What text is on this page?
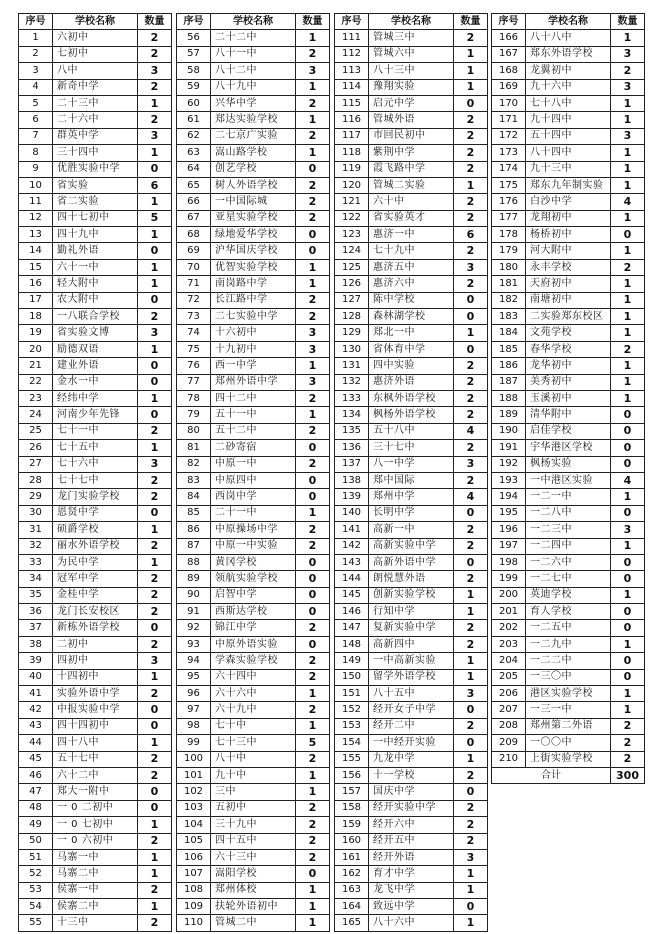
序号	学校名称	数量
1	六初中	2
2	七初中	2
3	八中	3
4	新奇中学	2
5	二十三中	1
6	二十六中	2
7	群英中学	3
8	三十四中	1
9	优胜实验中学	0
10	省实验	6
11	省二实验	1
12	四十七初中	5
13	四十九中	1
14	勤礼外语	0
15	六十一中	1
16	轻大附中	1
17	农大附中	0
18	一八联合学校	2
19	省实验文博	3
20	励德双语	1
21	建业外语	0
22	金水一中	0
23	经纬中学	1
24	河南少年先锋	0
25	七十一中	2
26	七十五中	1
27	七十六中	3
28	七十七中	2
29	龙门实验学校	2
30	恩贤中学	0
31	硕爵学校	1
32	丽水外语学校	2
33	为民中学	1
34	冠军中学	2
35	金桂中学	2
36	龙门长安校区	2
37	新栋外语学校	0
38	二初中	2
39	四初中	3
40	十四初中	1
41	实验外语中学	2
42	中报实验中学	0
43	四十四初中	0
44	四十八中	1
45	五十七中	2
46	六十二中	2
47	郑大一附中	0
48	一 0 二初中	0
49	一 0 七初中	1
50	一 0 六初中	2
51	马寨一中	1
52	马寨二中	1
53	侯寨一中	2
54	侯寨二中	1
55	十三中	2
序号	学校名称	数量
56	二十二中	1
57	八十一中	2
58	八十二中	3
59	八十九中	1
60	兴华中学	2
61	郑达实验学校	1
62	二七京广实验	2
63	嵩山路学校	1
64	创艺学校	0
65	树人外语学校	2
66	一中国际城	2
67	亚星实验学校	2
68	绿地爱华学校	0
69	沪华国庆学校	0
70	优智实验学校	1
71	南岗路中学	1
72	长江路中学	2
73	二七实验中学	2
74	十六初中	3
75	十九初中	3
76	西一中学	1
77	郑州外语中学	3
78	四十二中	2
79	五十一中	1
80	五十二中	2
81	二砂寄宿	0
82	中原一中	2
83	中原四中	0
84	西岗中学	0
85	二十一中	1
86	中原操场中学	2
87	中原一中实验	2
88	黄冈学校	0
89	领航实验学校	0
90	启智中学	0
91	西斯达学校	0
92	锦江中学	2
93	中原外语实验	0
94	学森实验学校	2
95	六十四中	2
96	六十六中	1
97	六十九中	2
98	七十中	1
99	七十三中	5
100	八十中	2
101	九十中	1
102	三中	1
103	五初中	2
104	三十九中	2
105	四十五中	2
106	六十三中	2
107	嵩阳学校	0
108	郑州体校	1
109	扶轮外语初中	1
110	管城二中	1
序号	学校名称	数量
111	管城三中	2
112	管城六中	1
113	八十三中	1
114	豫翔实验	1
115	启元中学	0
116	管城外语	2
117	市回民初中	2
118	紫荆中学	2
119	霞飞路中学	2
120	管城二实验	1
121	六十中	2
122	省实验英才	2
123	惠济一中	6
124	七十九中	2
125	惠济五中	3
126	惠济六中	2
127	陈中学校	0
128	森林湖学校	0
129	郑北一中	1
130	省体育中学	0
131	四中实验	2
132	惠济外语	2
133	东枫外语学校	2
134	枫杨外语学校	2
135	五十八中	4
136	三十七中	2
137	八一中学	3
138	郑中国际	2
139	郑州中学	4
140	长明中学	0
141	高新一中	2
142	高新实验中学	2
143	高新外语中学	0
144	朗悦慧外语	2
145	创新实验学校	1
146	行知中学	1
147	复新实验中学	2
148	高新四中	2
149	一中高新实验	1
150	留学外语学校	1
151	八十五中	3
152	经开女子中学	0
153	经开二中	2
154	一中经开实验	0
155	九龙中学	1
156	十一学校	2
157	国庆中学	0
158	经开实验中学	2
159	经开六中	2
160	经开五中	2
161	经开外语	3
162	育才中学	1
163	龙飞中学	1
164	致远中学	0
165	八十六中	1
序号	学校名称	数量
166	八十八中	1
167	郑东外语学校	3
168	龙翼初中	2
169	九十六中	3
170	七十八中	1
171	九十四中	1
172	五十四中	3
173	八十四中	1
174	九十三中	1
175	郑东九年制实验	1
176	白沙中学	4
177	龙翔初中	1
178	杨桥初中	0
179	河大附中	1
180	永丰学校	2
181	天府初中	1
182	南塘初中	1
183	二实验郑东校区	1
184	文苑学校	1
185	春华学校	2
186	龙华初中	1
187	美秀初中	1
188	玉溪初中	1
189	清华附中	0
190	启佳学校	0
191	宇华港区学校	0
192	枫杨实验	0
193	一中港区实验	4
194	一二一中	1
195	一二八中	0
196	一二三中	3
197	一二四中	1
198	一二六中	0
199	一二七中	0
200	英迪学校	1
201	育人学校	0
202	一二五中	0
203	一二九中	1
204	一二二中	0
205	一三〇中	0
206	港区实验学校	1
207	一三一中	1
208	郑州第二外语	2
209	一〇〇中	2
210	上街实验学校	2
合计		300
